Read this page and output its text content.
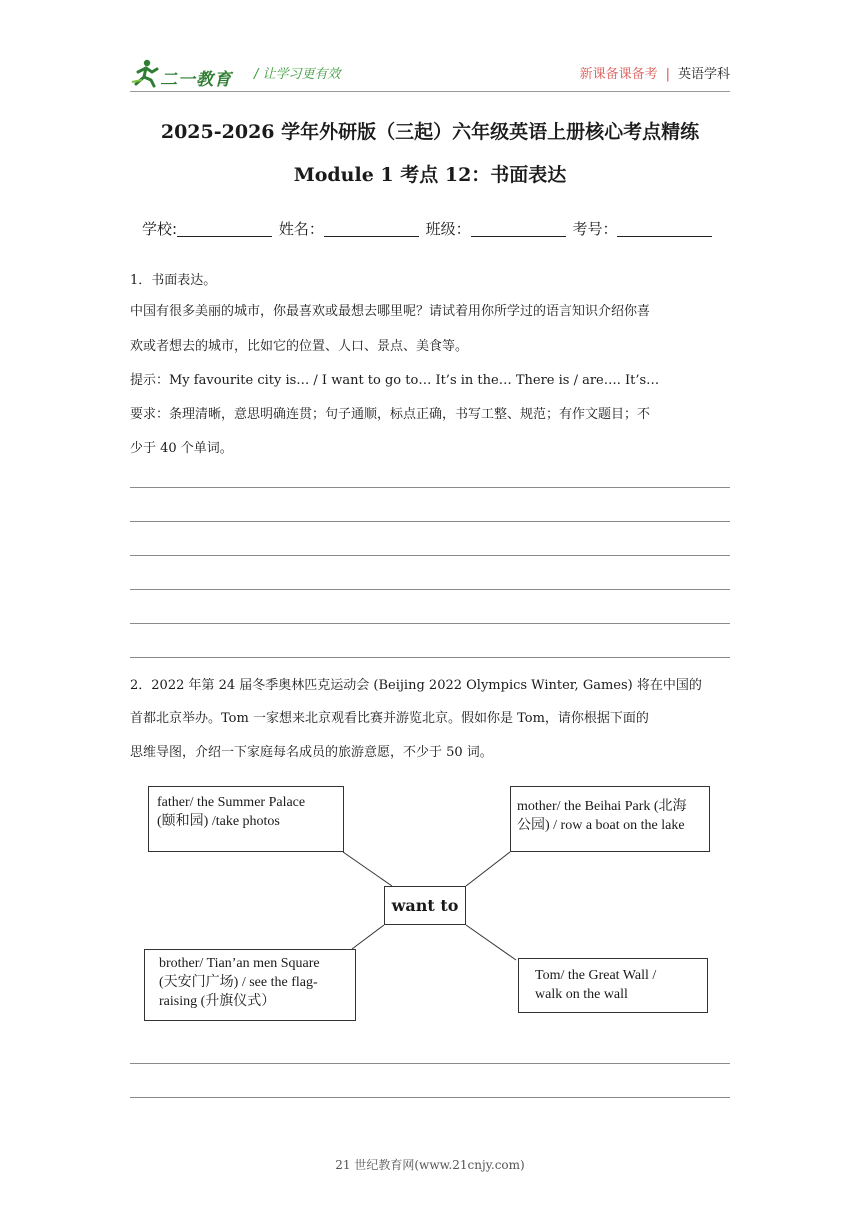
二一教育 / 让学习更有效	新课备课备考 | 英语学科
2025-2026 学年外研版（三起）六年级英语上册核心考点精练
Module 1 考点 12：书面表达
学校:	姓名：	班级：	考号：
1．书面表达。
中国有很多美丽的城市，你最喜欢或最想去哪里呢？请试着用你所学过的语言知识介绍你喜
欢或者想去的城市，比如它的位置、人口、景点、美食等。
提示：My favourite city is… / I want to go to… It’s in the… There is / are…. It’s…
要求：条理清晰，意思明确连贯；句子通顺，标点正确，书写工整、规范；有作文题目；不
少于 40 个单词。
2．2022 年第 24 届冬季奥林匹克运动会 (Beijing 2022 Olympics Winter, Games) 将在中国的
首都北京举办。Tom 一家想来北京观看比赛并游览北京。假如你是 Tom，请你根据下面的
思维导图，介绍一下家庭每名成员的旅游意愿，不少于 50 词。
father/ the Summer Palace
(颐和园) /take photos
mother/ the Beihai Park (北海
公园) / row a boat on the lake
want to
brother/ Tian’an men Square
(天安门广场) / see the flag-
raising (升旗仪式）
Tom/ the Great Wall /
walk on the wall
21 世纪教育网(www.21cnjy.com)
